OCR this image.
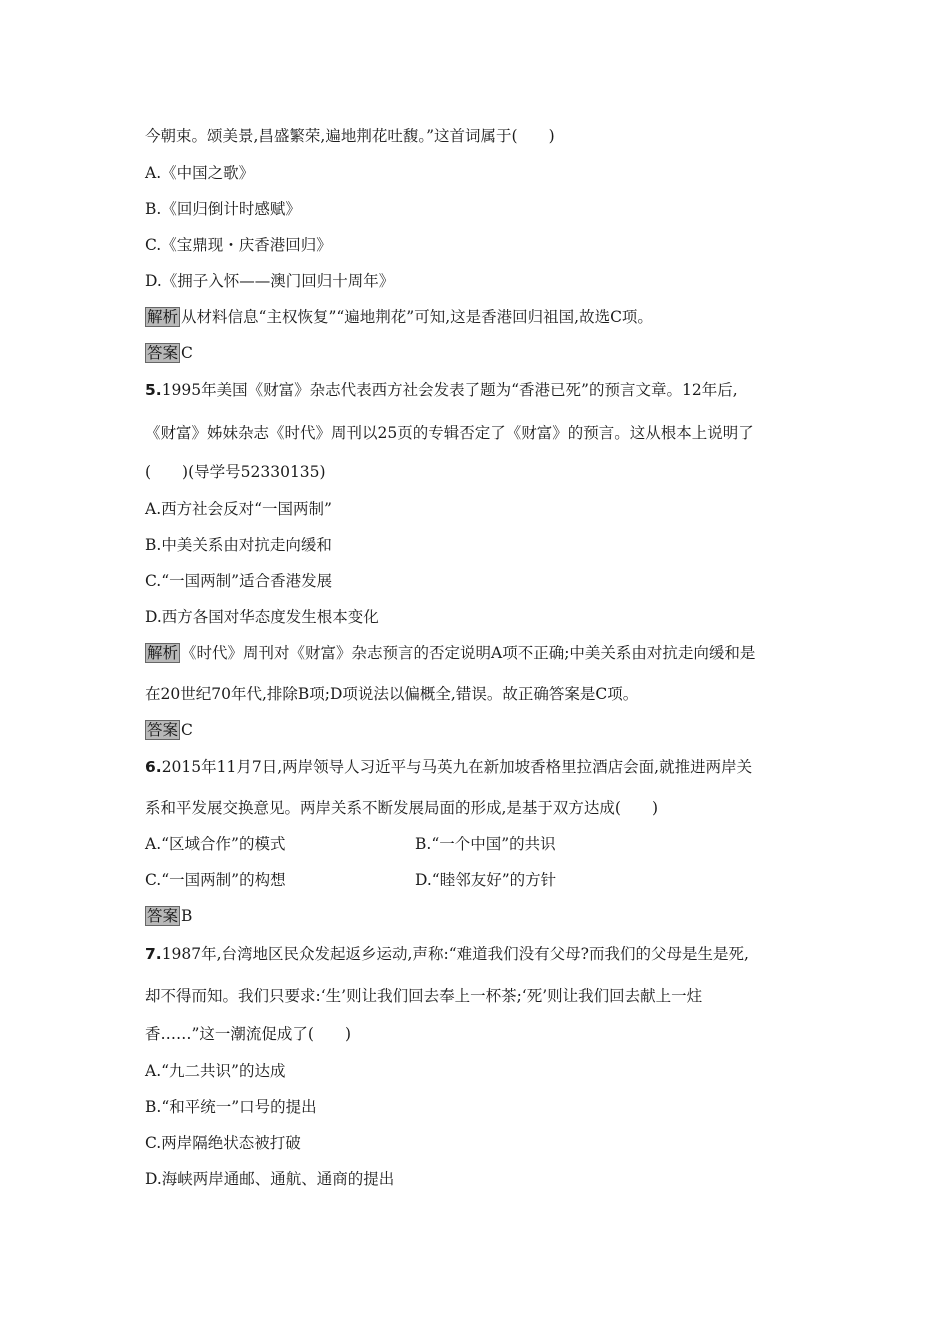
今朝束。颂美景,昌盛繁荣,遍地荆花吐馥。”这首词属于(　　)
A.《中国之歌》
B.《回归倒计时感赋》
C.《宝鼎现・庆香港回归》
D.《拥子入怀——澳门回归十周年》
解析 从材料信息“主权恢复”“遍地荆花”可知,这是香港回归祖国,故选C项。
答案 C
5.1995年美国《财富》杂志代表西方社会发表了题为“香港已死”的预言文章。12年后,
《财富》姊妹杂志《时代》周刊以25页的专辑否定了《财富》的预言。这从根本上说明了
(　　)(导学号52330135)
A.西方社会反对“一国两制”
B.中美关系由对抗走向缓和
C.“一国两制”适合香港发展
D.西方各国对华态度发生根本变化
解析 《时代》周刊对《财富》杂志预言的否定说明A项不正确;中美关系由对抗走向缓和是
在20世纪70年代,排除B项;D项说法以偏概全,错误。故正确答案是C项。
答案 C
6.2015年11月7日,两岸领导人习近平与马英九在新加坡香格里拉酒店会面,就推进两岸关
系和平发展交换意见。两岸关系不断发展局面的形成,是基于双方达成(　　)
A.“区域合作”的模式	B.“一个中国”的共识
C.“一国两制”的构想	D.“睦邻友好”的方针
答案 B
7.1987年,台湾地区民众发起返乡运动,声称:“难道我们没有父母?而我们的父母是生是死,
却不得而知。我们只要求:‘生’则让我们回去奉上一杯茶;‘死’则让我们回去献上一炷
香……”这一潮流促成了(　　)
A.“九二共识”的达成
B.“和平统一”口号的提出
C.两岸隔绝状态被打破
D.海峡两岸通邮、通航、通商的提出
